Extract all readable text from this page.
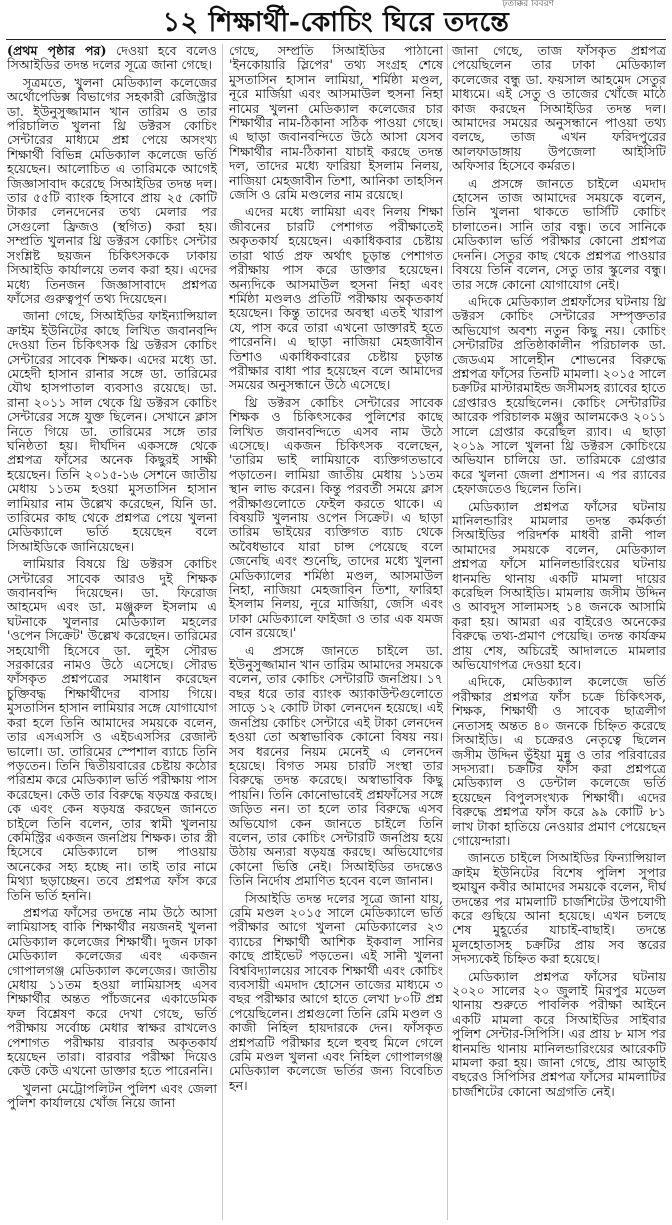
ঢ়তাক্কর বিবরণ
১২ শিক্ষার্থী-কোচিং ঘিরে তদন্তে

(প্রথম পৃষ্ঠার পর) দেওয়া হবে বলেও সিআইডির তদন্ত দলের সূত্রে জানা গেছে।

সূত্রমতে, খুলনা মেডিক্যাল কলেজের অর্থোপেডিক্স বিভাগের সহকারী রেজিস্ট্রার ডা. ইউনুসুজ্জামান খান তারিম ও তার পরিচালিত খুলনা থ্রি ডক্টরস কোচিং সেন্টারের মাধ্যমে প্রশ্ন পেয়ে অসংখ্য শিক্ষার্থী বিভিন্ন মেডিক্যাল কলেজে ভর্তি হয়েছেন। আলোচিত এ তারিমকে আগেই জিজ্ঞাসাবাদ করেছে সিআইডির তদন্ত দল। তার ৫৫টি ব্যাংক হিসাবে প্রায় ২৫ কোটি টাকার লেনদেনের তথ্য মেলার পর সেগুলো ফ্রিজও (স্থগিত) করা হয়। সম্প্রতি খুলনার থ্রি ডক্টরস কোচিং সেন্টার সংশ্লিষ্ট ছয়জন চিকিৎসককে ঢাকায় সিআইডি কার্যালয়ে তলব করা হয়। এদের মধ্যে তিনজন জিজ্ঞাসাবাদে প্রশ্নপত্র ফাঁসের গুরুত্বপূর্ণ তথ্য দিয়েছেন।

জানা গেছে, সিআইডির ফাইন্যান্সিয়াল ক্রাইম ইউনিটের কাছে লিখিত জবানবন্দি দেওয়া তিন চিকিৎসক থ্রি ডক্টরস কোচিং সেন্টারের সাবেক শিক্ষক। এদের মধ্যে ডা. মেহেদী হাসান রানার সঙ্গে ডা. তারিমের যৌথ হাসপাতাল ব্যবসাও রয়েছে। ডা. রানা ২০১১ সাল থেকে থ্রি ডক্টরস কোচিং সেন্টারের সঙ্গে যুক্ত ছিলেন। সেখানে ক্লাস নিতে গিয়ে ডা. তারিমের সঙ্গে তার ঘনিষ্ঠতা হয়। দীর্ঘদিন একসঙ্গে থেকে প্রশ্নপত্র ফাঁসের অনেক কিছুরই সাক্ষী হয়েছেন। তিনি ২০১৫-১৬ সেশনে জাতীয় মেধায় ১১তম হওয়া মুসতাসিন হাসান লামিয়ার নাম উল্লেখ করেছেন, যিনি ডা. তারিমের কাছ থেকে প্রশ্নপত্র পেয়ে খুলনা মেডিক্যালে ভর্তি হয়েছেন বলে সিআইডিকে জানিয়েছেন।

লামিয়ার বিষয়ে থ্রি ডক্টরস কোচিং সেন্টারের সাবেক আরও দুই শিক্ষক জবানবন্দি দিয়েছেন। ডা. ফিরোজ আহমেদ এবং ডা. মঞ্জুরুল ইসলাম এ ঘটনাকে খুলনার মেডিক্যাল মহলের 'ওপেন সিক্রেট' উল্লেখ করেছেন। তারিমের সহযোগী হিসেবে ডা. লুইস সৌরভ সরকারের নামও উঠে এসেছে। সৌরভ ফাঁসকৃত প্রশ্নপত্রের সমাধান করেছেন চুক্তিবদ্ধ শিক্ষার্থীদের বাসায় গিয়ে। মুসতাসিন হাসান লামিয়ার সঙ্গে যোগাযোগ করা হলে তিনি আমাদের সময়কে বলেন, তার এসএসসি ও এইচএসসির রেজাল্ট ভালো। ডা. তারিমের স্পেশাল ব্যাচে তিনি পড়তেন। তিনি দ্বিতীয়বারের চেষ্টায় কঠোর পরিশ্রম করে মেডিক্যাল ভর্তি পরীক্ষায় পাস করেছেন। কেউ তার বিরুদ্ধে ষড়যন্ত্র করছে। কে এবং কেন ষড়যন্ত্র করছেন জানতে চাইলে তিনি বলেন, তার স্বামী খুলনায় কেমিস্ট্রির একজন জনপ্রিয় শিক্ষক। তার স্ত্রী হিসেবে মেডিক্যালে চান্স পাওয়ায় অনেকের সহ্য হচ্ছে না। তাই তার নামে মিথ্যা ছড়াচ্ছেন। তবে প্রশ্নপত্র ফাঁস করে তিনি ভর্তি হননি।

প্রশ্নপত্র ফাঁসের তদন্তে নাম উঠে আসা লামিয়াসহ বাকি শিক্ষার্থীর নয়জনই খুলনা মেডিক্যাল কলেজের শিক্ষার্থী। দুজন ঢাকা মেডিক্যাল কলেজের এবং একজন গোপালগঞ্জ মেডিক্যাল কলেজের। জাতীয় মেধায় ১১তম হওয়া লামিয়াসহ এসব শিক্ষার্থীর অন্তত পাঁচজনের একাডেমিক ফল বিশ্লেষণ করে দেখা গেছে, ভর্তি পরীক্ষায় সর্বোচ্চ মেধার স্বাক্ষর রাখলেও পেশাগত পরীক্ষায় বারবার অকৃতকার্য হয়েছেন তারা। বারবার পরীক্ষা দিয়েও কেউ কেউ এখনো ডাক্তার হতে পারেননি।

খুলনা মেট্রোপলিটন পুলিশ এবং জেলা পুলিশ কার্যালয়ে খোঁজ নিয়ে জানা

গেছে, সম্প্রতি সিআইডির পাঠানো 'ইনকোয়ারি স্লিপের' তথ্য সংগ্রহ শেষে মুসতাসিন হাসান লামিয়া, শর্মিষ্ঠা মণ্ডল, নূরে মার্জিয়া এবং আসমাউল হুসনা নিহা নামের খুলনা মেডিক্যাল কলেজের চার শিক্ষার্থীর নাম-ঠিকানা সঠিক পাওয়া গেছে। এ ছাড়া জবানবন্দিতে উঠে আসা যেসব শিক্ষার্থীর নাম-ঠিকানা যাচাই করছে তদন্ত দল, তাদের মধ্যে ফারিয়া ইসলাম নিলয়, নাজিয়া মেহজাবীন তিশা, আনিকা তাহসিন জেসি ও রেমি মণ্ডলের নাম রয়েছে।

এদের মধ্যে লামিয়া এবং নিলয় শিক্ষা জীবনের চারটি পেশাগত পরীক্ষাতেই অকৃতকার্য হয়েছেন। একাধিকবার চেষ্টায় তারা থার্ড প্রফ অর্থাৎ চূড়ান্ত পেশাগত পরীক্ষায় পাস করে ডাক্তার হয়েছেন। অন্যদিকে আসমাউল হুসনা নিহা এবং শর্মিষ্ঠা মণ্ডলও প্রতিটি পরীক্ষায় অকৃতকার্য হয়েছেন। কিন্তু তাদের অবস্থা এতই খারাপ যে, পাস করে তারা এখনো ডাক্তারই হতে পারেননি। এ ছাড়া নাজিয়া মেহজাবীন তিশাও একাধিকবারের চেষ্টায় চূড়ান্ত পরীক্ষার বাধা পার হয়েছেন বলে আমাদের সময়ের অনুসন্ধানে উঠে এসেছে।

থ্রি ডক্টরস কোচিং সেন্টারের সাবেক শিক্ষক ও চিকিৎসকের পুলিশের কাছে লিখিত জবানবন্দিতে এসব নাম উঠে এসেছে। একজন চিকিৎসক বলেছেন, 'তারিম ভাই লামিয়াকে ব্যক্তিগতভাবে পড়াতেন। লামিয়া জাতীয় মেধায় ১১তম স্থান লাভ করেন। কিন্তু পরবর্তী সময়ে ক্লাস পরীক্ষাগুলোতে ফেইল করতে থাকে। এ বিষয়টি খুলনায় ওপেন সিক্রেট। এ ছাড়া তারিম ভাইয়ের ব্যক্তিগত ব্যাচ থেকে অবৈধভাবে যারা চান্স পেয়েছে বলে জেনেছি এবং শুনেছি, তাদের মধ্যে খুলনা মেডিক্যালের শর্মিষ্ঠা মণ্ডল, আসমাউল নিহা, নাজিয়া মেহজাবিন তিশা, ফারিহা ইসলাম নিলয়, নূরে মার্জিয়া, জেসি এবং ঢাকা মেডিক্যালে ফাইজা ও তার এক যমজ বোন রয়েছে।'

এ প্রসঙ্গে জানতে চাইলে ডা. ইউনুসুজ্জামান খান তারিম আমাদের সময়কে বলেন, তার কোচিং সেন্টারটি জনপ্রিয়। ১৭ বছর ধরে তার ব্যাংক অ্যাকাউন্টগুলোতে সাড়ে ১২ কোটি টাকা লেনদেন হয়েছে। এই জনপ্রিয় কোচিং সেন্টারে এই টাকা লেনদেন হওয়া তো অস্বাভাবিক কোনো বিষয় নয়। সব ধরনের নিয়ম মেনেই এ লেনদেন হয়েছে। বিগত সময় চারটি সংস্থা তার বিরুদ্ধে তদন্ত করেছে। অস্বাভাবিক কিছু পায়নি। তিনি কোনোভাবেই প্রশ্নফাঁসের সঙ্গে জড়িত নন। তা হলে তার বিরুদ্ধে এসব অভিযোগ কেন জানতে চাইলে তিনি বলেন, তার কোচিং সেন্টারটি জনপ্রিয় হয়ে উঠায় অন্যরা ষড়যন্ত্র করছে। অভিযোগের কোনো ভিত্তি নেই। সিআইডির তদন্তেও তিনি নির্দোষ প্রমাণিত হবেন বলে জানান।

সিআইডি তদন্ত দলের সূত্রে জানা যায়, রেমি মণ্ডল ২০১৫ সালে মেডিক্যালে ভর্তি পরীক্ষার আগে খুলনা মেডিক্যালের ২৩ ব্যাচের শিক্ষার্থী আশিক ইকবাল সানির কাছে প্রাইভেট পড়তেন। এই সানী খুলনা বিশ্ববিদ্যালয়ের সাবেক শিক্ষার্থী এবং কোচিং ব্যবসায়ী এমদাদ হোসেন তাজের মাধ্যমে ৩ বছর পরীক্ষার আগে হাতে লেখা ৮০টি প্রশ্ন পেয়েছিলেন। প্রশ্নগুলো তিনি রেমি মণ্ডল ও কাজী নিহিল হায়দারকে দেন। ফাঁসকৃত প্রশ্নপত্রটি পরীক্ষার হলে হুবহু মিলে গেলে রেমি মণ্ডল খুলনা এবং নিহিল গোপালগঞ্জ মেডিক্যাল কলেজে ভর্তির জন্য বিবেচিত হন।

জানা গেছে, তাজ ফাঁসকৃত প্রশ্নপত্র পেয়েছিলেন তার ঢাকা মেডিক্যাল কলেজের বন্ধু ডা. ফয়সাল আহমেদ সেতুর মাধ্যমে। এই সেতু ও তাজের খোঁজে মাঠে কাজ করছেন সিআইডির তদন্ত দল। আমাদের সময়ের অনুসন্ধানে পাওয়া তথ্য বলছে, তাজ এখন ফরিদপুরের আলফাডাঙ্গায় উপজেলা আইসিটি অফিসার হিসেবে কর্মরত।

এ প্রসঙ্গে জানতে চাইলে এমদাদ হোসেন তাজ আমাদের সময়কে বলেন, তিনি খুলনা থাকতে ভার্সিটি কোচিং চালাতেন। সানি তার বন্ধু। তবে সানিকে মেডিক্যাল ভর্তি পরীক্ষার কোনো প্রশ্নপত্র দেননি। সেতুর কাছ থেকে প্রশ্নপত্র পাওয়ার বিষয়ে তিনি বলেন, সেতু তার স্কুলের বন্ধু। তার সঙ্গে কোনো যোগাযোগ নেই।

এদিকে মেডিক্যাল প্রশ্নফাঁসের ঘটনায় থ্রি ডক্টরস কোচিং সেন্টারের সম্পৃক্ততার অভিযোগ অবশ্য নতুন কিছু নয়। কোচিং সেন্টারটির প্রতিষ্ঠাকালীন পরিচালক ডা. জেডএম সালেহীন শোভনের বিরুদ্ধে প্রশ্নপত্র ফাঁসের তিনটি মামলা। ২০১৫ সালে চক্রটির মাস্টারমাইন্ড জসীমসহ র‍্যাবের হাতে গ্রেপ্তারও হয়েছিলেন। কোচিং সেন্টারটির আরেক পরিচালক মঞ্জুর আলমকেও ২০১১ সালে গ্রেপ্তার করেছিল র‍্যাব। এ ছাড়া ২০১৯ সালে খুলনা থ্রি ডক্টরস কোচিংয়ে অভিযান চালিয়ে ডা. তারিমকে গ্রেপ্তার করে খুলনা জেলা প্রশাসন। এ পর র‍্যাবের হেফাজতেও ছিলেন তিনি।

মেডিক্যাল প্রশ্নপত্র ফাঁসের ঘটনায় মানিলন্ডারিং মামলার তদন্ত কর্মকর্তা সিআইডির পরিদর্শক মাধবী রানী পাল আমাদের সময়কে বলেন, মেডিক্যাল প্রশ্নপত্র ফাঁসে মানিলন্ডারিংয়ের ঘটনায় ধানমন্ডি থানায় একটি মামলা দায়ের করেছিল সিআইডি। মামলায় জসীম উদ্দিন ও আবদুস সালামসহ ১৪ জনকে আসামি করা হয়। আমরা এর বাইরেও অনেকের বিরুদ্ধে তথ্য-প্রমাণ পেয়েছি। তদন্ত কার্যক্রম প্রায় শেষ, অচিরেই আদালতে মামলার অভিযোগপত্র দেওয়া হবে।

এদিকে, মেডিক্যাল কলেজে ভর্তি পরীক্ষার প্রশ্নপত্র ফাঁস চক্রে চিকিৎসক, শিক্ষক, শিক্ষার্থী ও সাবেক ছাত্রলীগ নেতাসহ অন্তত ৪০ জনকে চিহ্নিত করেছে সিআইডি। এ চক্রেরও নেতৃত্বে ছিলেন জসীম উদ্দিন ভূঁইয়া মুন্নু ও তার পরিবারের সদস্যরা। চক্রটির ফাঁস করা প্রশ্নপত্রে মেডিক্যাল ও ডেন্টাল কলেজে ভর্তি হয়েছেন বিপুলসংখ্যক শিক্ষার্থী। এদের বিরুদ্ধে প্রশ্নপত্র ফাঁস করে ৯৯ কোটি ৮১ লাখ টাকা হাতিয়ে নেওয়ার প্রমাণ পেয়েছেন গোয়েন্দারা।

জানতে চাইলে সিআইডির ফিন্যান্সিয়াল ক্রাইম ইউনিটের বিশেষ পুলিশ সুপার হুমায়ুন কবীর আমাদের সময়কে বলেন, দীর্ঘ তদন্তের পর মামলাটি চার্জশিটের উপযোগী করে গুছিয়ে আনা হয়েছে। এখন চলছে শেষ মুহূর্তের যাচাই-বাছাই। তদন্তে মূলহোতাসহ চক্রটির প্রায় সব স্তরের সদস্যকেই চিহ্নিত করা হয়েছে।

মেডিক্যাল প্রশ্নপত্র ফাঁসের ঘটনায় ২০২০ সালের ২০ জুলাই মিরপুর মডেল থানায় শুরুতে পাবলিক পরীক্ষা আইনে একটি মামলা করে সিআইডির সাইবার পুলিশ সেন্টার-সিপিসি। এর প্রায় ৮ মাস পর ধানমন্ডি থানায় মানিলন্ডারিংয়ের আরেকটি মামলা করা হয়। জানা গেছে, প্রায় আড়াই বছরেও সিপিসির প্রশ্নপত্র ফাঁসের মামলাটির চার্জশিটের কোনো অগ্রগতি নেই।
